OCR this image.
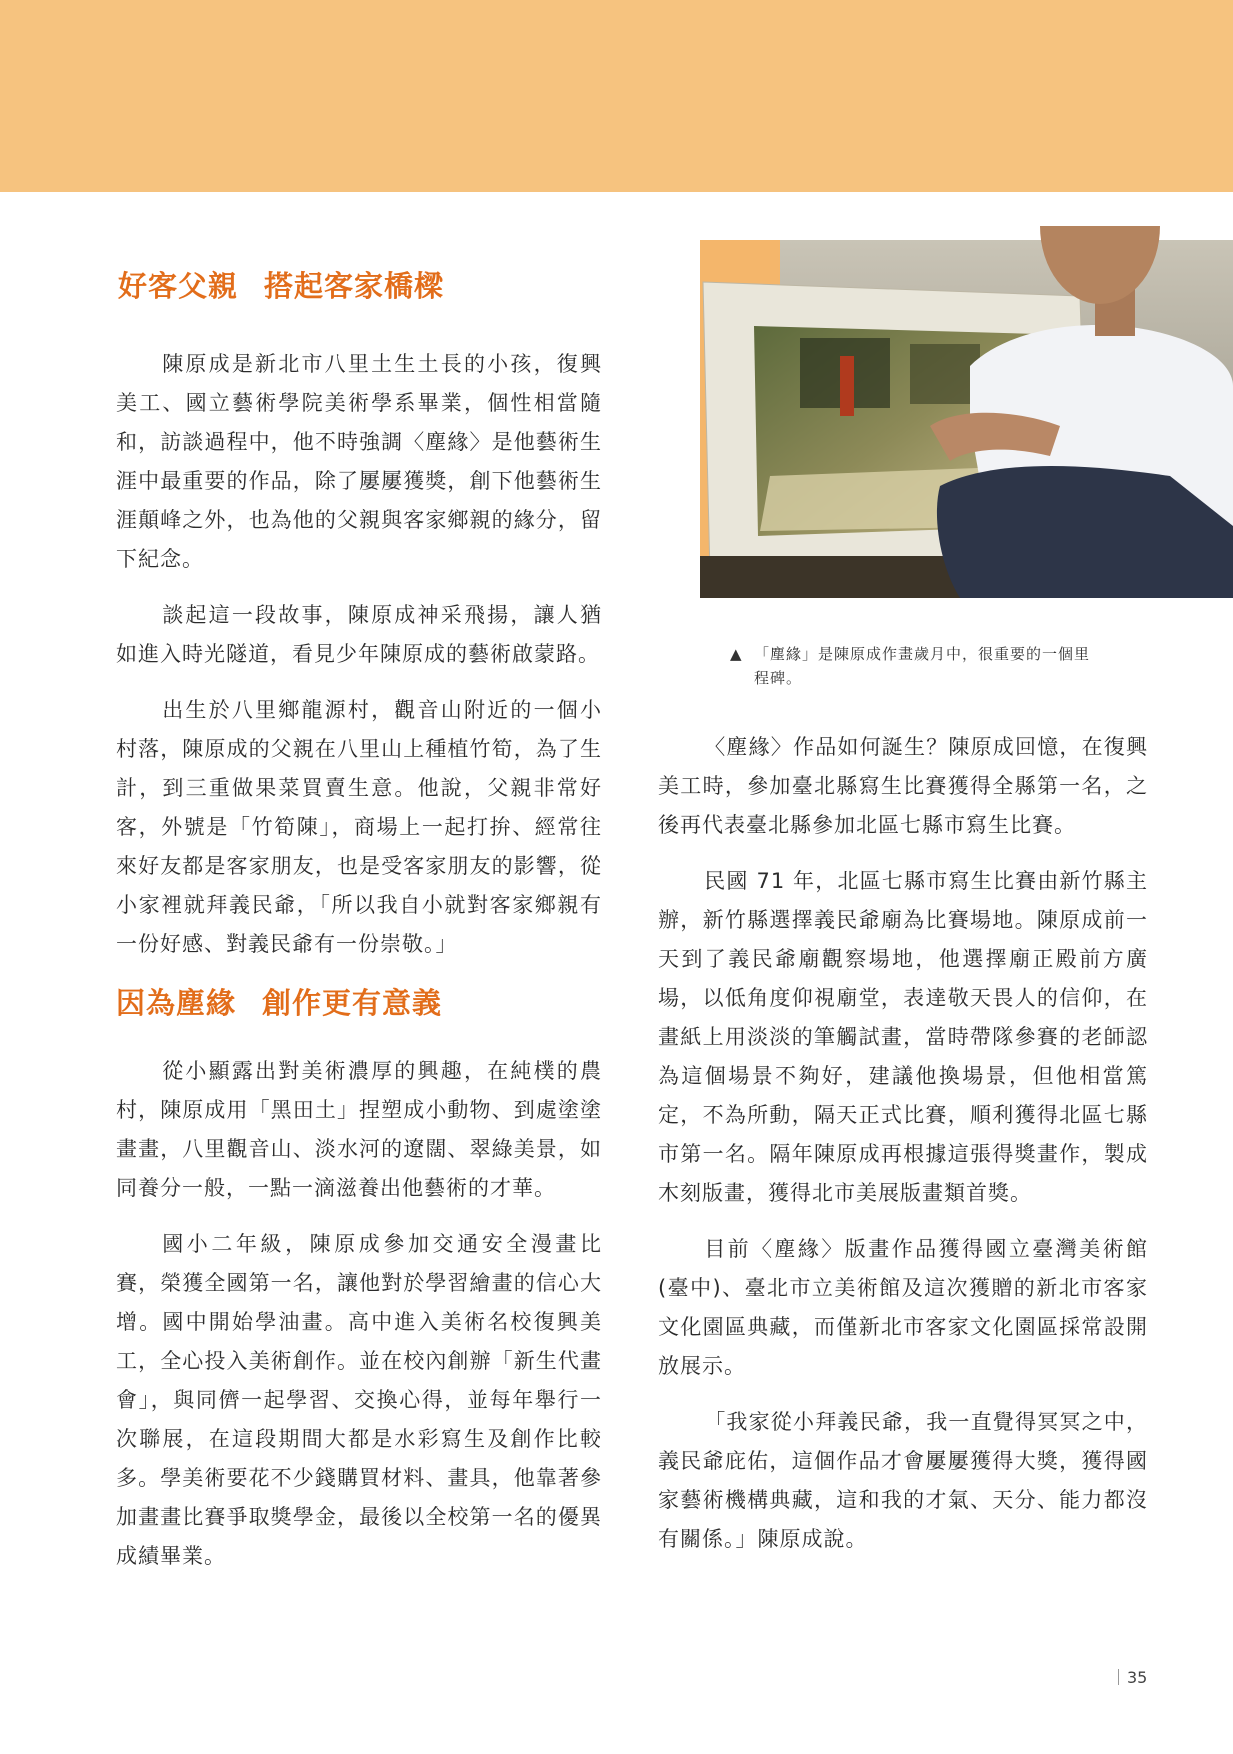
▲ 「塵緣」是陳原成作畫歲月中，很重要的一個里程碑。
好客父親 搭起客家橋樑

陳原成是新北市八里土生土長的小孩，復興美工、國立藝術學院美術學系畢業，個性相當隨和，訪談過程中，他不時強調〈塵緣〉是他藝術生涯中最重要的作品，除了屢屢獲獎，創下他藝術生涯顛峰之外，也為他的父親與客家鄉親的緣分，留下紀念。

談起這一段故事，陳原成神采飛揚，讓人猶如進入時光隧道，看見少年陳原成的藝術啟蒙路。

出生於八里鄉龍源村，觀音山附近的一個小村落，陳原成的父親在八里山上種植竹筍，為了生計，到三重做果菜買賣生意。他說，父親非常好客，外號是「竹筍陳」，商場上一起打拚、經常往來好友都是客家朋友，也是受客家朋友的影響，從小家裡就拜義民爺，「所以我自小就對客家鄉親有一份好感、對義民爺有一份崇敬。」

因為塵緣 創作更有意義

從小顯露出對美術濃厚的興趣，在純樸的農村，陳原成用「黑田土」捏塑成小動物、到處塗塗畫畫，八里觀音山、淡水河的遼闊、翠綠美景，如同養分一般，一點一滴滋養出他藝術的才華。

國小二年級，陳原成參加交通安全漫畫比賽，榮獲全國第一名，讓他對於學習繪畫的信心大增。國中開始學油畫。高中進入美術名校復興美工，全心投入美術創作。並在校內創辦「新生代畫會」，與同儕一起學習、交換心得，並每年舉行一次聯展，在這段期間大都是水彩寫生及創作比較多。學美術要花不少錢購買材料、畫具，他靠著參加畫畫比賽爭取獎學金，最後以全校第一名的優異成績畢業。

〈塵緣〉作品如何誕生？陳原成回憶，在復興美工時，參加臺北縣寫生比賽獲得全縣第一名，之後再代表臺北縣參加北區七縣市寫生比賽。

民國 71 年，北區七縣市寫生比賽由新竹縣主辦，新竹縣選擇義民爺廟為比賽場地。陳原成前一天到了義民爺廟觀察場地，他選擇廟正殿前方廣場，以低角度仰視廟堂，表達敬天畏人的信仰，在畫紙上用淡淡的筆觸試畫，當時帶隊參賽的老師認為這個場景不夠好，建議他換場景，但他相當篤定，不為所動，隔天正式比賽，順利獲得北區七縣市第一名。隔年陳原成再根據這張得獎畫作，製成木刻版畫，獲得北市美展版畫類首獎。

目前〈塵緣〉版畫作品獲得國立臺灣美術館(臺中)、臺北市立美術館及這次獲贈的新北市客家文化園區典藏，而僅新北市客家文化園區採常設開放展示。

「我家從小拜義民爺，我一直覺得冥冥之中，義民爺庇佑，這個作品才會屢屢獲得大獎，獲得國家藝術機構典藏，這和我的才氣、天分、能力都沒有關係。」陳原成說。

35
